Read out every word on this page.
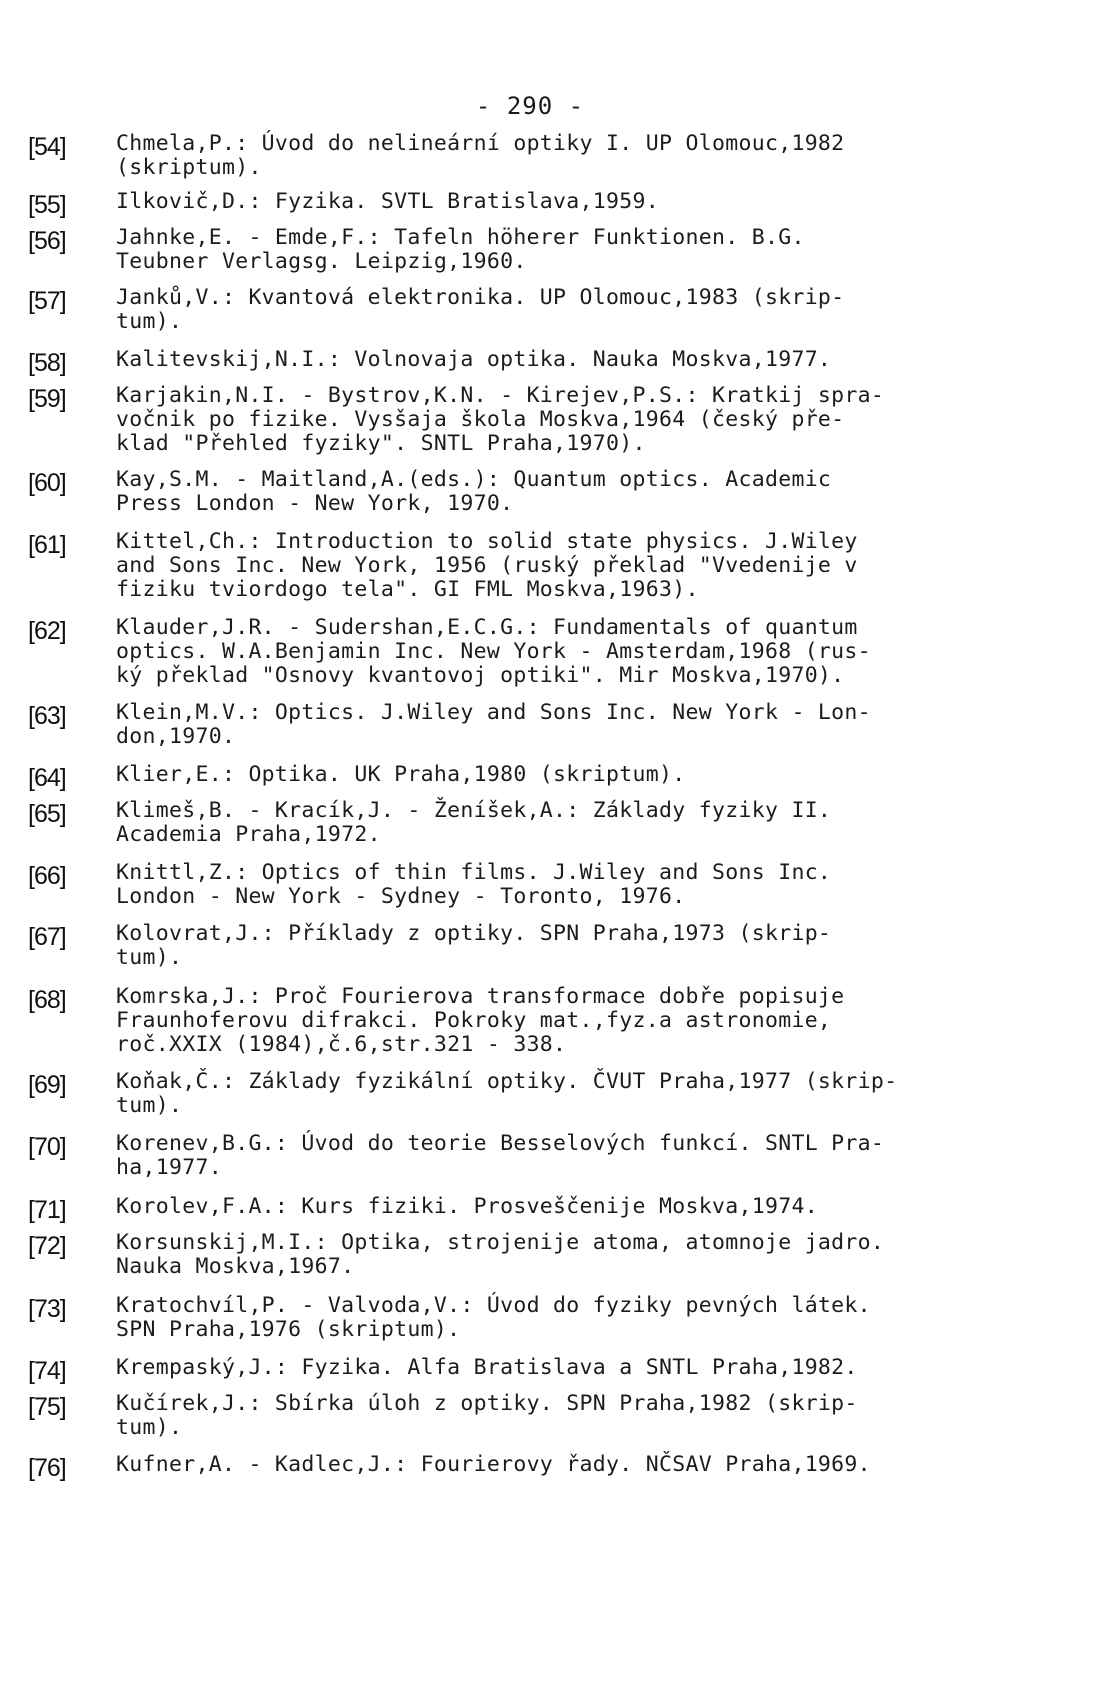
- 290 -
[54]	Chmela,P.: Úvod do nelineární optiky I. UP Olomouc,1982
(skriptum).
[55]	Ilkovič,D.: Fyzika. SVTL Bratislava,1959.
[56]	Jahnke,E. - Emde,F.: Tafeln höherer Funktionen. B.G.
Teubner Verlagsg. Leipzig,1960.
[57]	Janků,V.: Kvantová elektronika. UP Olomouc,1983 (skrip-
tum).
[58]	Kalitevskij,N.I.: Volnovaja optika. Nauka Moskva,1977.
[59]	Karjakin,N.I. - Bystrov,K.N. - Kirejev,P.S.: Kratkij spra-
vočnik po fizike. Vysšaja škola Moskva,1964 (český pře-
klad "Přehled fyziky". SNTL Praha,1970).
[60]	Kay,S.M. - Maitland,A.(eds.): Quantum optics. Academic
Press London - New York, 1970.
[61]	Kittel,Ch.: Introduction to solid state physics. J.Wiley
and Sons Inc. New York, 1956 (ruský překlad "Vvedenije v
fiziku tviordogo tela". GI FML Moskva,1963).
[62]	Klauder,J.R. - Sudershan,E.C.G.: Fundamentals of quantum
optics. W.A.Benjamin Inc. New York - Amsterdam,1968 (rus-
ký překlad "Osnovy kvantovoj optiki". Mir Moskva,1970).
[63]	Klein,M.V.: Optics. J.Wiley and Sons Inc. New York - Lon-
don,1970.
[64]	Klier,E.: Optika. UK Praha,1980 (skriptum).
[65]	Klimeš,B. - Kracík,J. - Ženíšek,A.: Základy fyziky II.
Academia Praha,1972.
[66]	Knittl,Z.: Optics of thin films. J.Wiley and Sons Inc.
London - New York - Sydney - Toronto, 1976.
[67]	Kolovrat,J.: Příklady z optiky. SPN Praha,1973 (skrip-
tum).
[68]	Komrska,J.: Proč Fourierova transformace dobře popisuje
Fraunhoferovu difrakci. Pokroky mat.,fyz.a astronomie,
roč.XXIX (1984),č.6,str.321 - 338.
[69]	Koňak,Č.: Základy fyzikální optiky. ČVUT Praha,1977 (skrip-
tum).
[70]	Korenev,B.G.: Úvod do teorie Besselových funkcí. SNTL Pra-
ha,1977.
[71]	Korolev,F.A.: Kurs fiziki. Prosveščenije Moskva,1974.
[72]	Korsunskij,M.I.: Optika, strojenije atoma, atomnoje jadro.
Nauka Moskva,1967.
[73]	Kratochvíl,P. - Valvoda,V.: Úvod do fyziky pevných látek.
SPN Praha,1976 (skriptum).
[74]	Krempaský,J.: Fyzika. Alfa Bratislava a SNTL Praha,1982.
[75]	Kučírek,J.: Sbírka úloh z optiky. SPN Praha,1982 (skrip-
tum).
[76]	Kufner,A. - Kadlec,J.: Fourierovy řady. NČSAV Praha,1969.
